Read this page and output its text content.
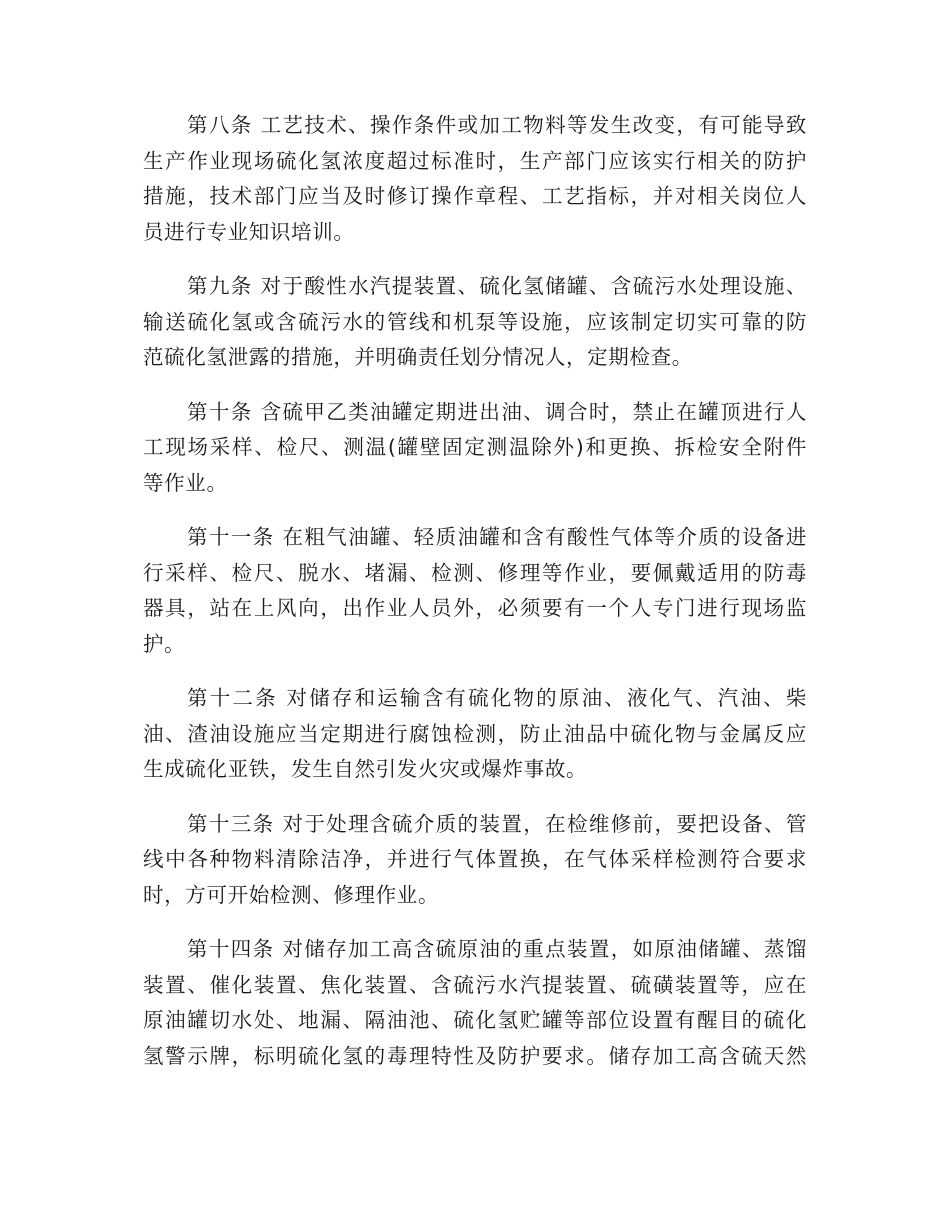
第八条 工艺技术、操作条件或加工物料等发生改变，有可能导致
生产作业现场硫化氢浓度超过标准时，生产部门应该实行相关的防护
措施，技术部门应当及时修订操作章程、工艺指标，并对相关岗位人
员进行专业知识培训。
第九条 对于酸性水汽提装置、硫化氢储罐、含硫污水处理设施、
输送硫化氢或含硫污水的管线和机泵等设施，应该制定切实可靠的防
范硫化氢泄露的措施，并明确责任划分情况人，定期检查。
第十条 含硫甲乙类油罐定期进出油、调合时，禁止在罐顶进行人
工现场采样、检尺、测温(罐壁固定测温除外)和更换、拆检安全附件
等作业。
第十一条 在粗气油罐、轻质油罐和含有酸性气体等介质的设备进
行采样、检尺、脱水、堵漏、检测、修理等作业，要佩戴适用的防毒
器具，站在上风向，出作业人员外，必须要有一个人专门进行现场监
护。
第十二条 对储存和运输含有硫化物的原油、液化气、汽油、柴
油、渣油设施应当定期进行腐蚀检测，防止油品中硫化物与金属反应
生成硫化亚铁，发生自然引发火灾或爆炸事故。
第十三条 对于处理含硫介质的装置，在检维修前，要把设备、管
线中各种物料清除洁净，并进行气体置换，在气体采样检测符合要求
时，方可开始检测、修理作业。
第十四条 对储存加工高含硫原油的重点装置，如原油储罐、蒸馏
装置、催化装置、焦化装置、含硫污水汽提装置、硫磺装置等，应在
原油罐切水处、地漏、隔油池、硫化氢贮罐等部位设置有醒目的硫化
氢警示牌，标明硫化氢的毒理特性及防护要求。储存加工高含硫天然
